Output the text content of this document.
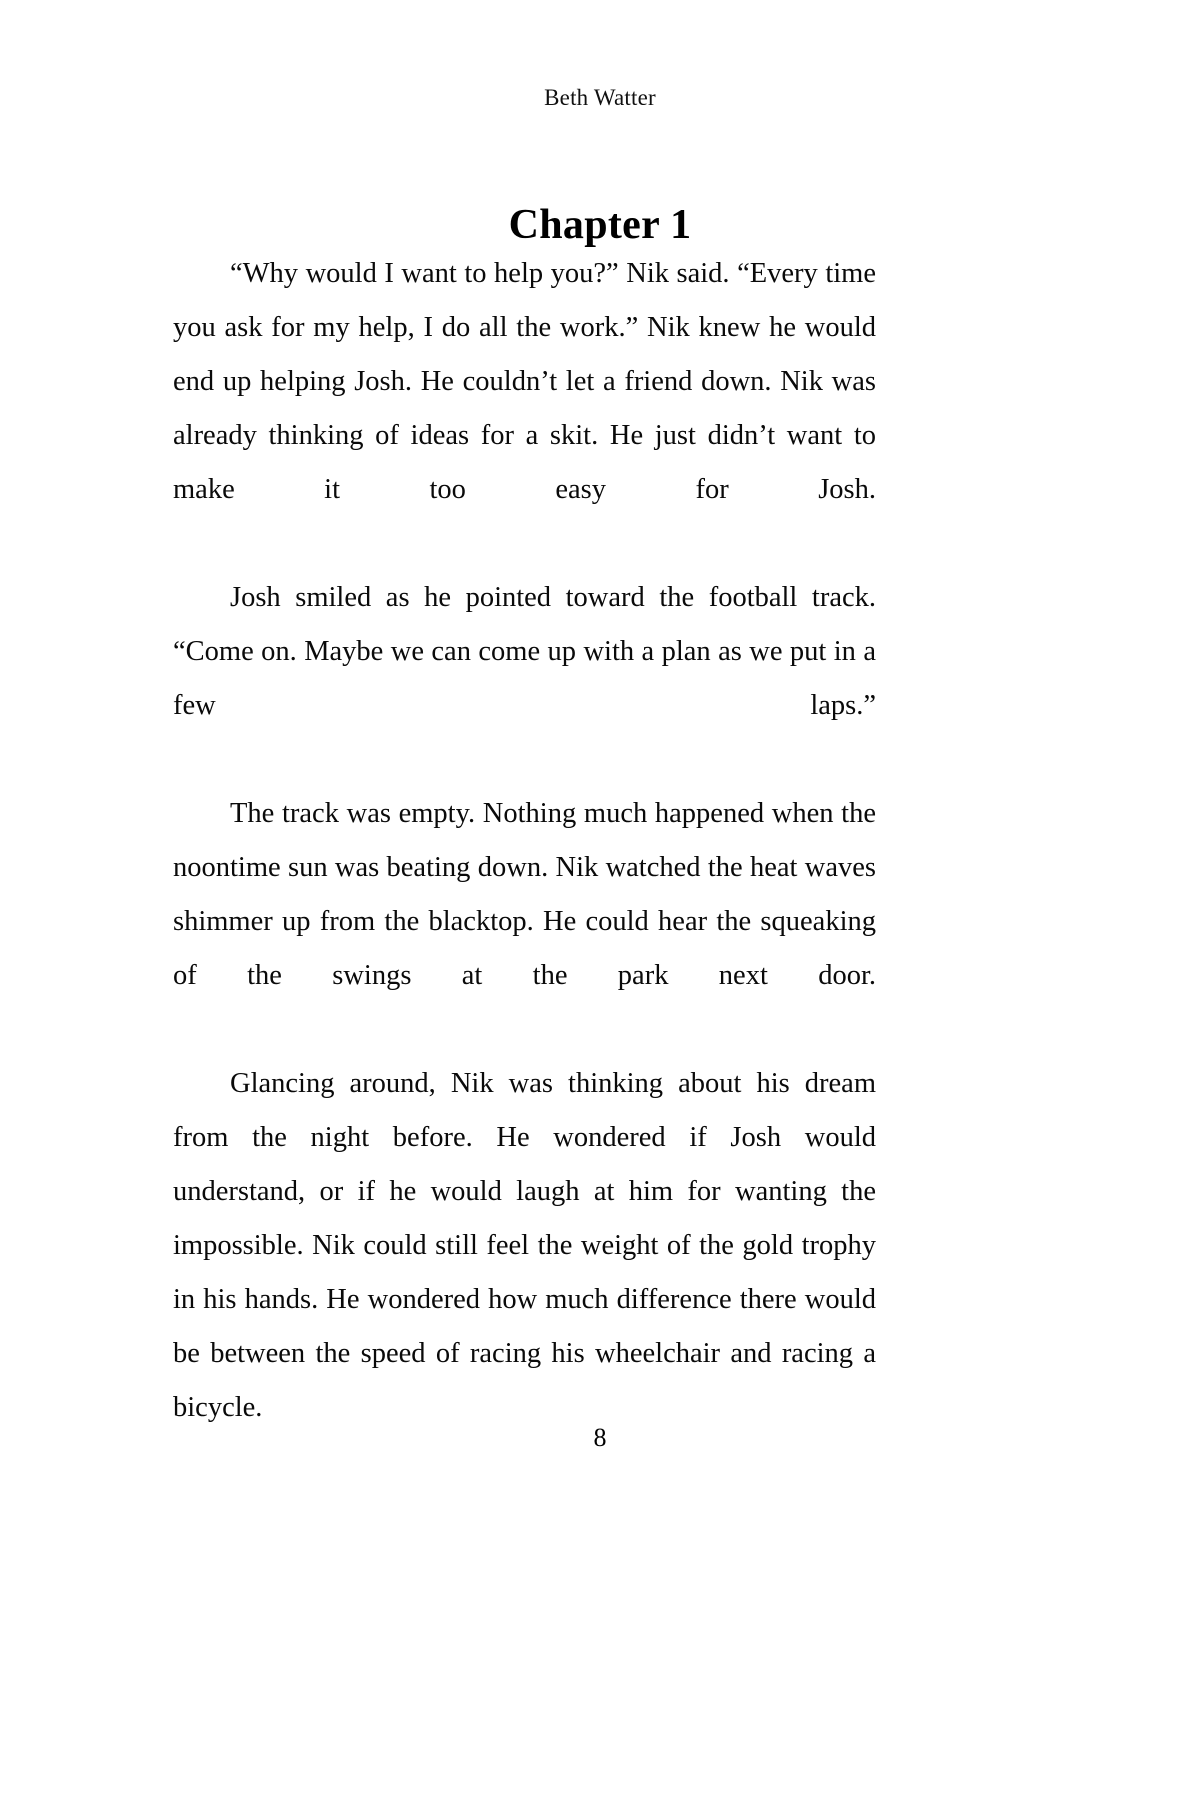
Beth Watter
Chapter 1

“Why would I want to help you?” Nik said. “Every time you ask for my help, I do all the work.” Nik knew he would end up helping Josh. He couldn’t let a friend down. Nik was already thinking of ideas for a skit. He just didn’t want to make it too easy for Josh.

Josh smiled as he pointed toward the football track. “Come on. Maybe we can come up with a plan as we put in a few laps.”

The track was empty. Nothing much happened when the noontime sun was beating down. Nik watched the heat waves shimmer up from the blacktop. He could hear the squeaking of the swings at the park next door.

Glancing around, Nik was thinking about his dream from the night before. He wondered if Josh would understand, or if he would laugh at him for wanting the impossible. Nik could still feel the weight of the gold trophy in his hands. He wondered how much difference there would be between the speed of racing his wheelchair and racing a bicycle.

8
